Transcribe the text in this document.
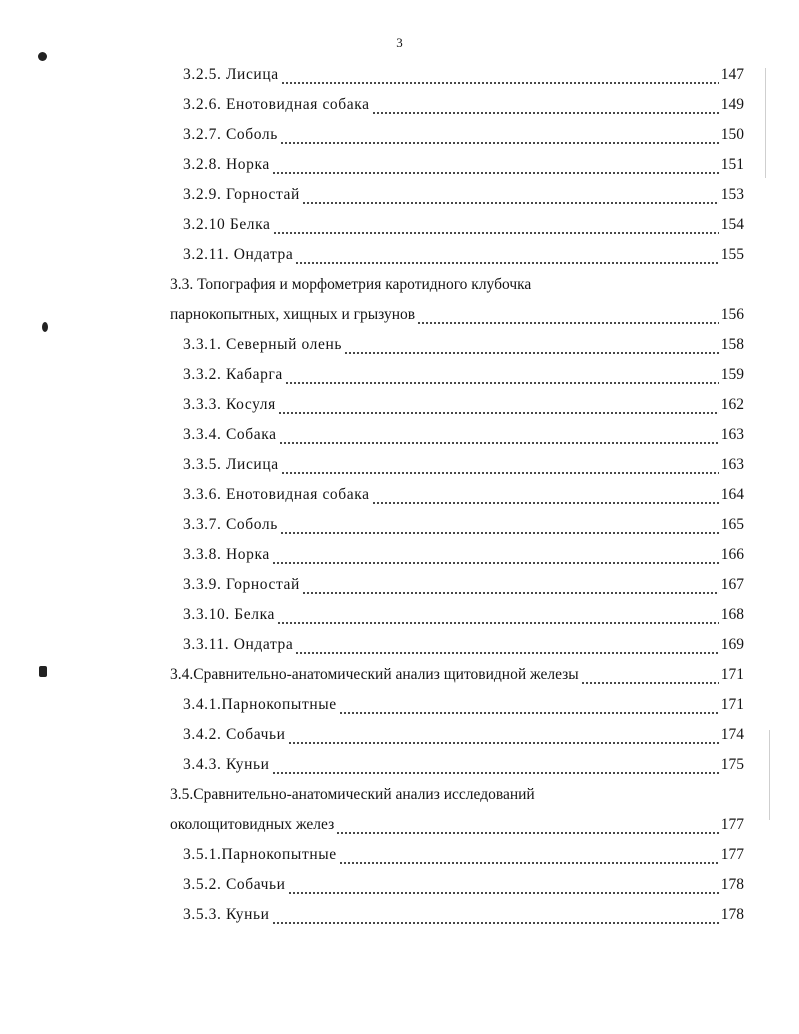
3
3.2.5. Лисица	147
3.2.6. Енотовидная собака	149
3.2.7. Соболь	150
3.2.8. Норка	151
3.2.9. Горностай	153
3.2.10 Белка	154
3.2.11. Ондатра	155
3.3. Топография и морфометрия каротидного клубочка
парнокопытных, хищных и грызунов	156
3.3.1. Северный олень	158
3.3.2. Кабарга	159
3.3.3. Косуля	162
3.3.4. Собака	163
3.3.5. Лисица	163
3.3.6. Енотовидная собака	164
3.3.7. Соболь	165
3.3.8. Норка	166
3.3.9. Горностай	167
3.3.10. Белка	168
3.3.11. Ондатра	169
3.4.Сравнительно-анатомический анализ щитовидной железы	171
3.4.1.Парнокопытные	171
3.4.2. Собачьи	174
3.4.3. Куньи	175
3.5.Сравнительно-анатомический анализ исследований
околощитовидных желез	177
3.5.1.Парнокопытные	177
3.5.2. Собачьи	178
3.5.3. Куньи	178
